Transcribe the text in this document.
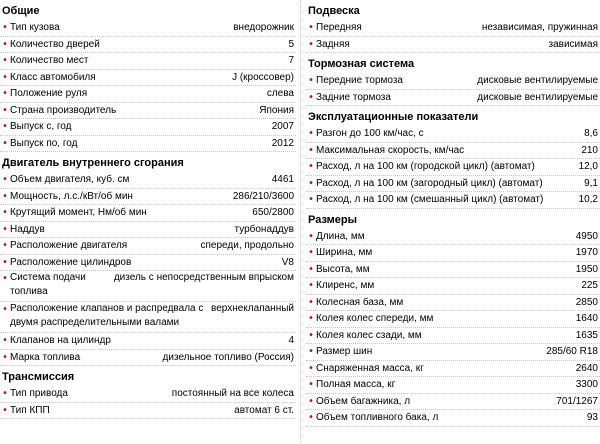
Общие
• Тип кузова	внедорожник
• Количество дверей	5
• Количество мест	7
• Класс автомобиля	J (кроссовер)
• Положение руля	слева
• Страна производитель	Япония
• Выпуск с, год	2007
• Выпуск по, год	2012
Двигатель внутреннего сгорания
• Объем двигателя, куб. см	4461
• Мощность, л.с./кВт/об мин	286/210/3600
• Крутящий момент, Нм/об мин	650/2800
• Наддув	турбонаддув
• Расположение двигателя	спереди, продольно
• Расположение цилиндров	V8
• Система подачи топлива
дизель с непосредственным впрыском
• Расположение клапанов и распредвала с двумя распределительными валами
верхнеклапанный
• Клапанов на цилиндр	4
• Марка топлива	дизельное топливо (Россия)
Трансмиссия
• Тип привода	постоянный на все колеса
• Тип КПП	автомат 6 ст.
Подвеска
• Передняя	независимая, пружинная
• Задняя	зависимая
Тормозная система
• Передние тормоза	дисковые вентилируемые
• Задние тормоза	дисковые вентилируемые
Эксплуатационные показатели
• Разгон до 100 км/час, с	8,6
• Максимальная скорость, км/час	210
• Расход, л на 100 км (городской цикл) (автомат)	12,0
• Расход, л на 100 км (загородный цикл) (автомат)	9,1
• Расход, л на 100 км (смешанный цикл) (автомат)	10,2
Размеры
• Длина, мм	4950
• Ширина, мм	1970
• Высота, мм	1950
• Клиренс, мм	225
• Колесная база, мм	2850
• Колея колес спереди, мм	1640
• Колея колес сзади, мм	1635
• Размер шин	285/60 R18
• Снаряженная масса, кг	2640
• Полная масса, кг	3300
• Объем багажника, л	701/1267
• Объем топливного бака, л	93
